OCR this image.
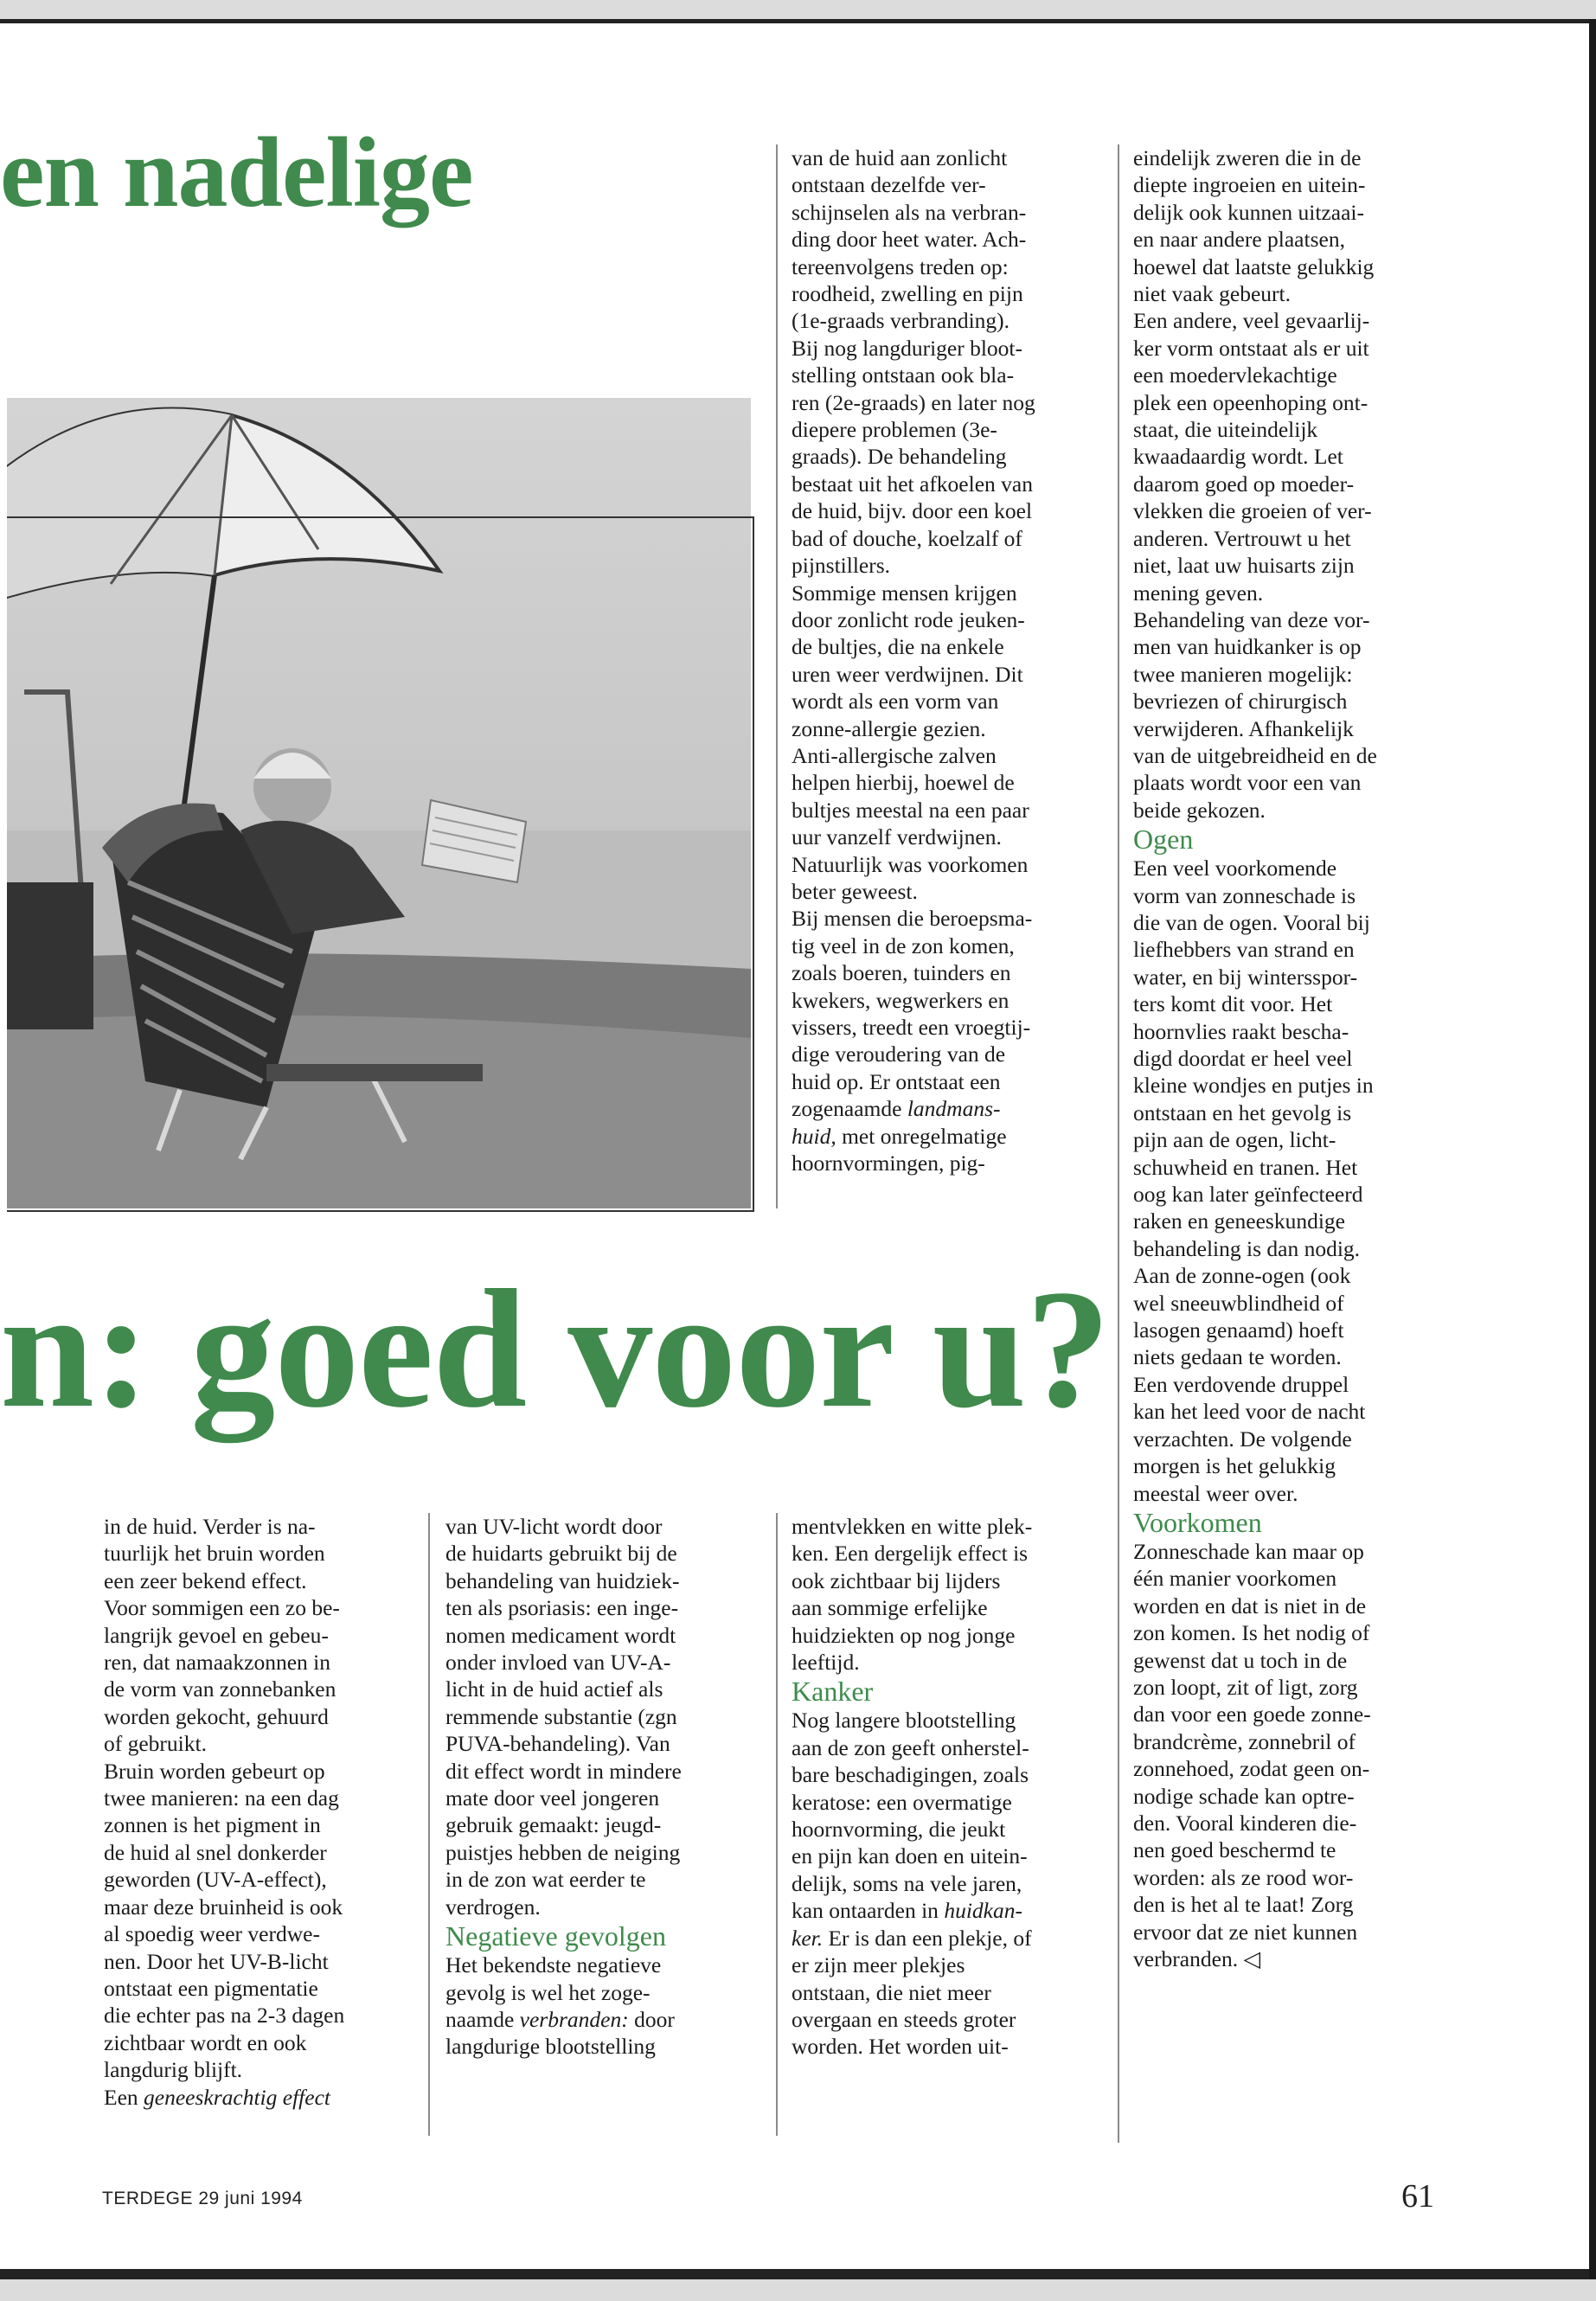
en nadelige
n: goed voor u?

van de huid aan zonlicht

ontstaan dezelfde ver-

schijnselen als na verbran-

ding door heet water. Ach-

tereenvolgens treden op:

roodheid, zwelling en pijn

(1e-graads verbranding).

Bij nog langduriger bloot-

stelling ontstaan ook bla-

ren (2e-graads) en later nog

diepere problemen (3e-

graads). De behandeling

bestaat uit het afkoelen van

de huid, bijv. door een koel

bad of douche, koelzalf of

pijnstillers.

Sommige mensen krijgen

door zonlicht rode jeuken-

de bultjes, die na enkele

uren weer verdwijnen. Dit

wordt als een vorm van

zonne-allergie gezien.

Anti-allergische zalven

helpen hierbij, hoewel de

bultjes meestal na een paar

uur vanzelf verdwijnen.

Natuurlijk was voorkomen

beter geweest.

Bij mensen die beroepsma-

tig veel in de zon komen,

zoals boeren, tuinders en

kwekers, wegwerkers en

vissers, treedt een vroegtij-

dige veroudering van de

huid op. Er ontstaat een

zogenaamde landmans-

huid, met onregelmatige

hoornvormingen, pig-

eindelijk zweren die in de

diepte ingroeien en uitein-

delijk ook kunnen uitzaai-

en naar andere plaatsen,

hoewel dat laatste gelukkig

niet vaak gebeurt.

Een andere, veel gevaarlij-

ker vorm ontstaat als er uit

een moedervlekachtige

plek een opeenhoping ont-

staat, die uiteindelijk

kwaadaardig wordt. Let

daarom goed op moeder-

vlekken die groeien of ver-

anderen. Vertrouwt u het

niet, laat uw huisarts zijn

mening geven.

Behandeling van deze vor-

men van huidkanker is op

twee manieren mogelijk:

bevriezen of chirurgisch

verwijderen. Afhankelijk

van de uitgebreidheid en de

plaats wordt voor een van

beide gekozen.

Ogen

Een veel voorkomende

vorm van zonneschade is

die van de ogen. Vooral bij

liefhebbers van strand en

water, en bij wintersspor-

ters komt dit voor. Het

hoornvlies raakt bescha-

digd doordat er heel veel

kleine wondjes en putjes in

ontstaan en het gevolg is

pijn aan de ogen, licht-

schuwheid en tranen. Het

oog kan later geïnfecteerd

raken en geneeskundige

behandeling is dan nodig.

Aan de zonne-ogen (ook

wel sneeuwblindheid of

lasogen genaamd) hoeft

niets gedaan te worden.

Een verdovende druppel

kan het leed voor de nacht

verzachten. De volgende

morgen is het gelukkig

meestal weer over.

Voorkomen

Zonneschade kan maar op

één manier voorkomen

worden en dat is niet in de

zon komen. Is het nodig of

gewenst dat u toch in de

zon loopt, zit of ligt, zorg

dan voor een goede zonne-

brandcrème, zonnebril of

zonnehoed, zodat geen on-

nodige schade kan optre-

den. Vooral kinderen die-

nen goed beschermd te

worden: als ze rood wor-

den is het al te laat! Zorg

ervoor dat ze niet kunnen

verbranden. ◁

in de huid. Verder is na-

tuurlijk het bruin worden

een zeer bekend effect.

Voor sommigen een zo be-

langrijk gevoel en gebeu-

ren, dat namaakzonnen in

de vorm van zonnebanken

worden gekocht, gehuurd

of gebruikt.

Bruin worden gebeurt op

twee manieren: na een dag

zonnen is het pigment in

de huid al snel donkerder

geworden (UV-A-effect),

maar deze bruinheid is ook

al spoedig weer verdwe-

nen. Door het UV-B-licht

ontstaat een pigmentatie

die echter pas na 2-3 dagen

zichtbaar wordt en ook

langdurig blijft.

Een geneeskrachtig effect

van UV-licht wordt door

de huidarts gebruikt bij de

behandeling van huidziek-

ten als psoriasis: een inge-

nomen medicament wordt

onder invloed van UV-A-

licht in de huid actief als

remmende substantie (zgn

PUVA-behandeling). Van

dit effect wordt in mindere

mate door veel jongeren

gebruik gemaakt: jeugd-

puistjes hebben de neiging

in de zon wat eerder te

verdrogen.

Negatieve gevolgen

Het bekendste negatieve

gevolg is wel het zoge-

naamde verbranden: door

langdurige blootstelling

mentvlekken en witte plek-

ken. Een dergelijk effect is

ook zichtbaar bij lijders

aan sommige erfelijke

huidziekten op nog jonge

leeftijd.

Kanker

Nog langere blootstelling

aan de zon geeft onherstel-

bare beschadigingen, zoals

keratose: een overmatige

hoornvorming, die jeukt

en pijn kan doen en uitein-

delijk, soms na vele jaren,

kan ontaarden in huidkan-

ker. Er is dan een plekje, of

er zijn meer plekjes

ontstaan, die niet meer

overgaan en steeds groter

worden. Het worden uit-

TERDEGE 29 juni 1994	61
